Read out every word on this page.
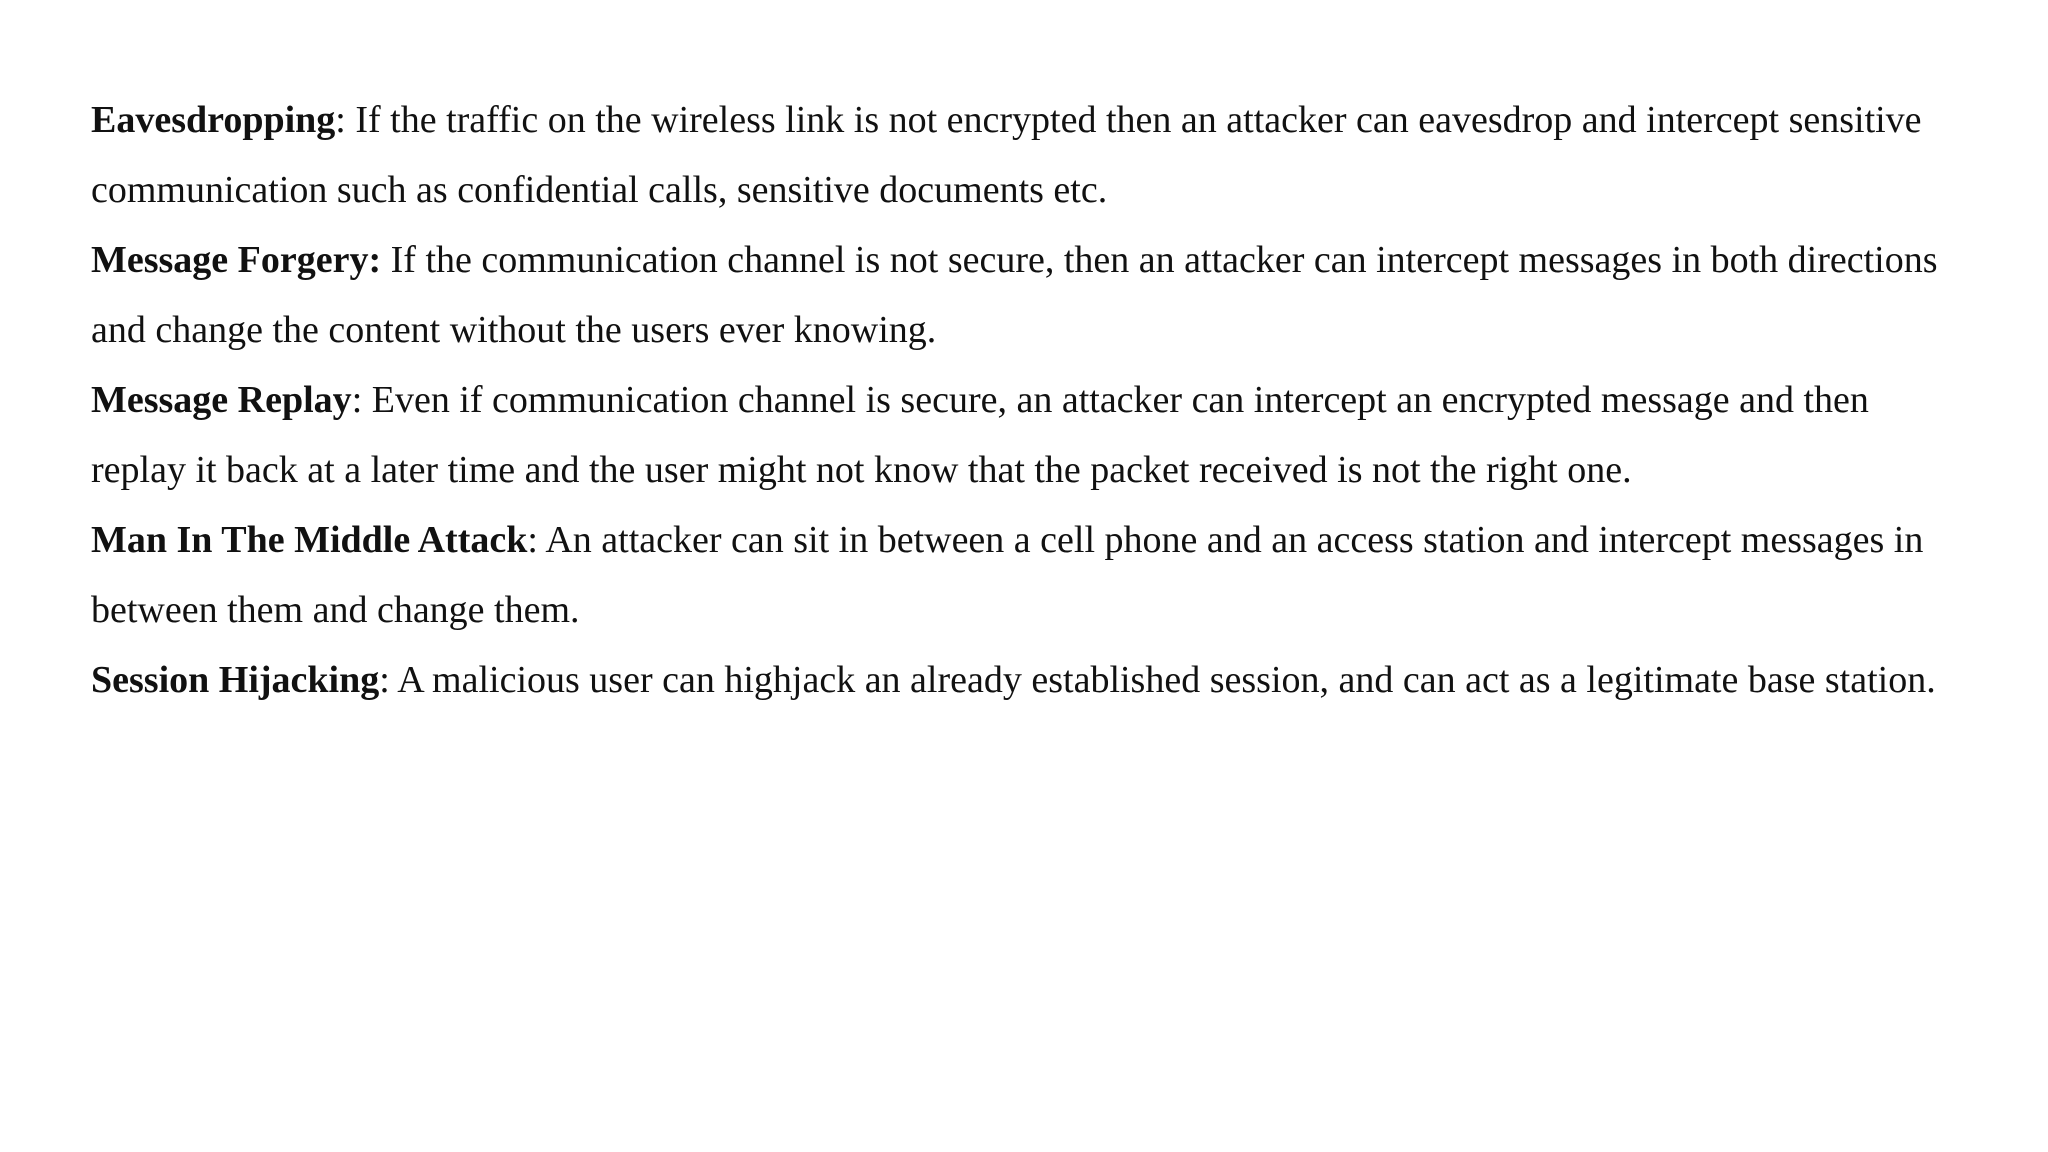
Eavesdropping: If the traffic on the wireless link is not encrypted then an attacker can eavesdrop and intercept sensitive communication such as confidential calls, sensitive documents etc.

Message Forgery: If the communication channel is not secure, then an attacker can intercept messages in both directions and change the content without the users ever knowing.

Message Replay: Even if communication channel is secure, an attacker can intercept an encrypted message and then replay it back at a later time and the user might not know that the packet received is not the right one.

Man In The Middle Attack: An attacker can sit in between a cell phone and an access station and intercept messages in between them and change them.

Session Hijacking: A malicious user can highjack an already established session, and can act as a legitimate base station.
